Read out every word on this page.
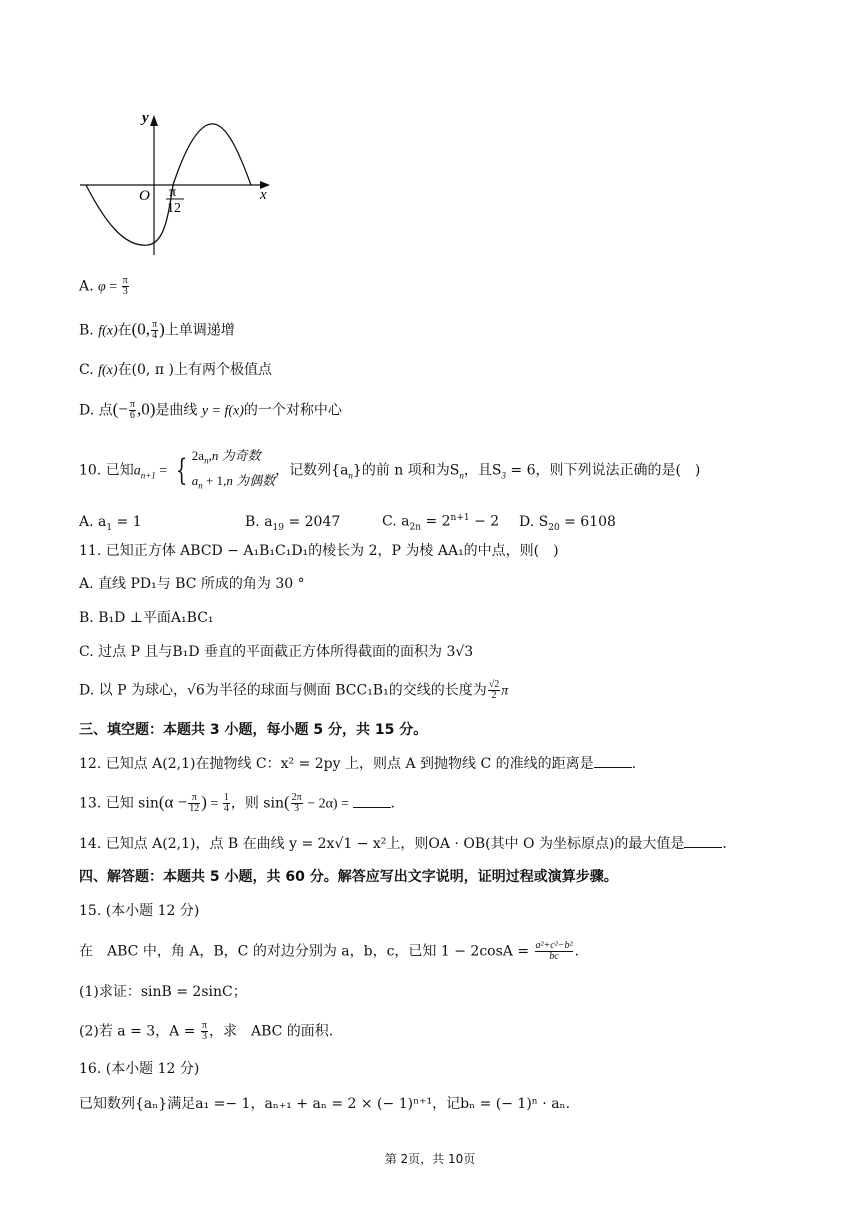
y
x
O π
12
A. $\varphi = \frac{\pi}{3}$
B. f(x)在(0, $\frac{\pi}{4}$ )上单调递增
C. f(x)在(0, π )上有两个极值点
D. 点(− $\frac{\pi}{6} ,0$)是曲线 y = f(x)的一个对称中心
10. 已知$a_{n+1}$ = { $2a_n,n$ 为奇数
$a_n + 1,n$ 为偶数
，记数列$\{a_n\}$的前 n 项和为$S_n$，且$S_3 = 6$，则下列说法正确的是(　)
A. $a_1 = 1$	B. $a_{19} = 2047$	C. $a_{2n} = 2^{n+1} - 2$ D. $S_{20} = 6108$
11. 已知正方体 ABCD − A₁B₁C₁D₁的棱长为 2，P 为棱 AA₁的中点，则(　)
A. 直线 PD₁与 BC 所成的角为 30 °
B. B₁D ⊥平面A₁BC₁
C. 过点 P 且与B₁D 垂直的平面截正方体所得截面的面积为 3√3
D. 以 P 为球心，√6为半径的球面与侧面 BCC₁B₁的交线的长度为 $\frac{√2}{2}$ π
三、填空题：本题共 3 小题，每小题 5 分，共 15 分。
12. 已知点 A(2,1)在抛物线 C：x² = 2py 上，则点 A 到抛物线 C 的准线的距离是	.
13. 已知 $\sin(\alpha - \frac{\pi}{12}$ ) = $\frac{1}{4}$ ，则 $\sin( \frac{2\pi}{3} - 2\alpha)$ =	.
14. 已知点 A(2,1)，点 B 在曲线 y = 2x√1 − x²上，则OA · OB(其中 O 为坐标原点)的最大值是	.
四、解答题：本题共 5 小题，共 60 分。解答应写出文字说明，证明过程或演算步骤。
15. (本小题 12 分)
在　ABC 中，角 A，B，C 的对边分别为 a，b，c，已知 $1 - 2\cos A = \frac{\text{a²+c²−b²}}{bc}$ .
(1)求证：sinB = 2sinC；
(2)若 a = 3，$A = \frac{\pi}{3}$ ，求　ABC 的面积.
16. (本小题 12 分)
已知数列{aₙ}满足a₁ =− 1，aₙ₊₁ + aₙ = 2 × (− 1)ⁿ⁺¹，记bₙ = (− 1)ⁿ · aₙ.
第 2页，共 10页
